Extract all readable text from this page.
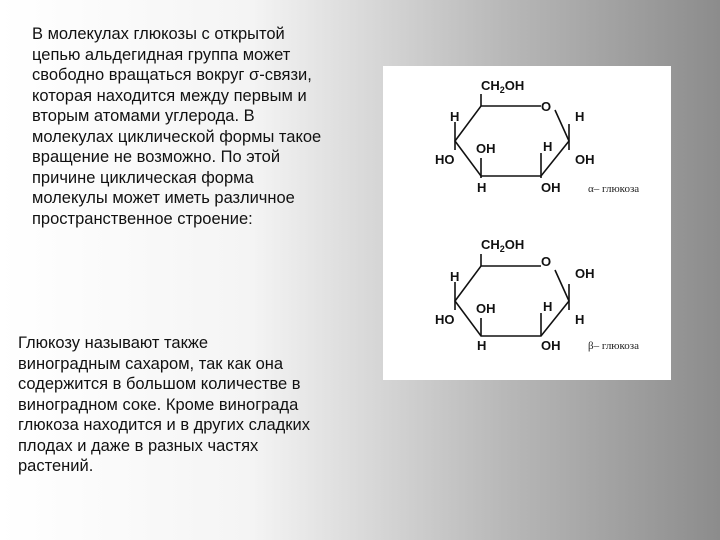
В молекулах глюкозы с открытой
цепью альдегидная группа может
свободно вращаться вокруг σ-связи,
которая находится между первым и
вторым атомами углерода. В
молекулах циклической формы такое
вращение не возможно. По этой
причине циклическая форма
молекулы может иметь различное
пространственное строение:

Глюкозу называют также
виноградным сахаром, так как она
содержится в большом количестве в
виноградном соке. Кроме винограда
глюкоза находится и в других сладких
плодах и даже в разных частях
растений.

$CH_2OH$
O
H	H
HO
H
OH	H
OH
OH	α– глюкоза
$CH_2OH$
O
H	OH
HO
H
OH	H
H
OH	β– глюкоза
